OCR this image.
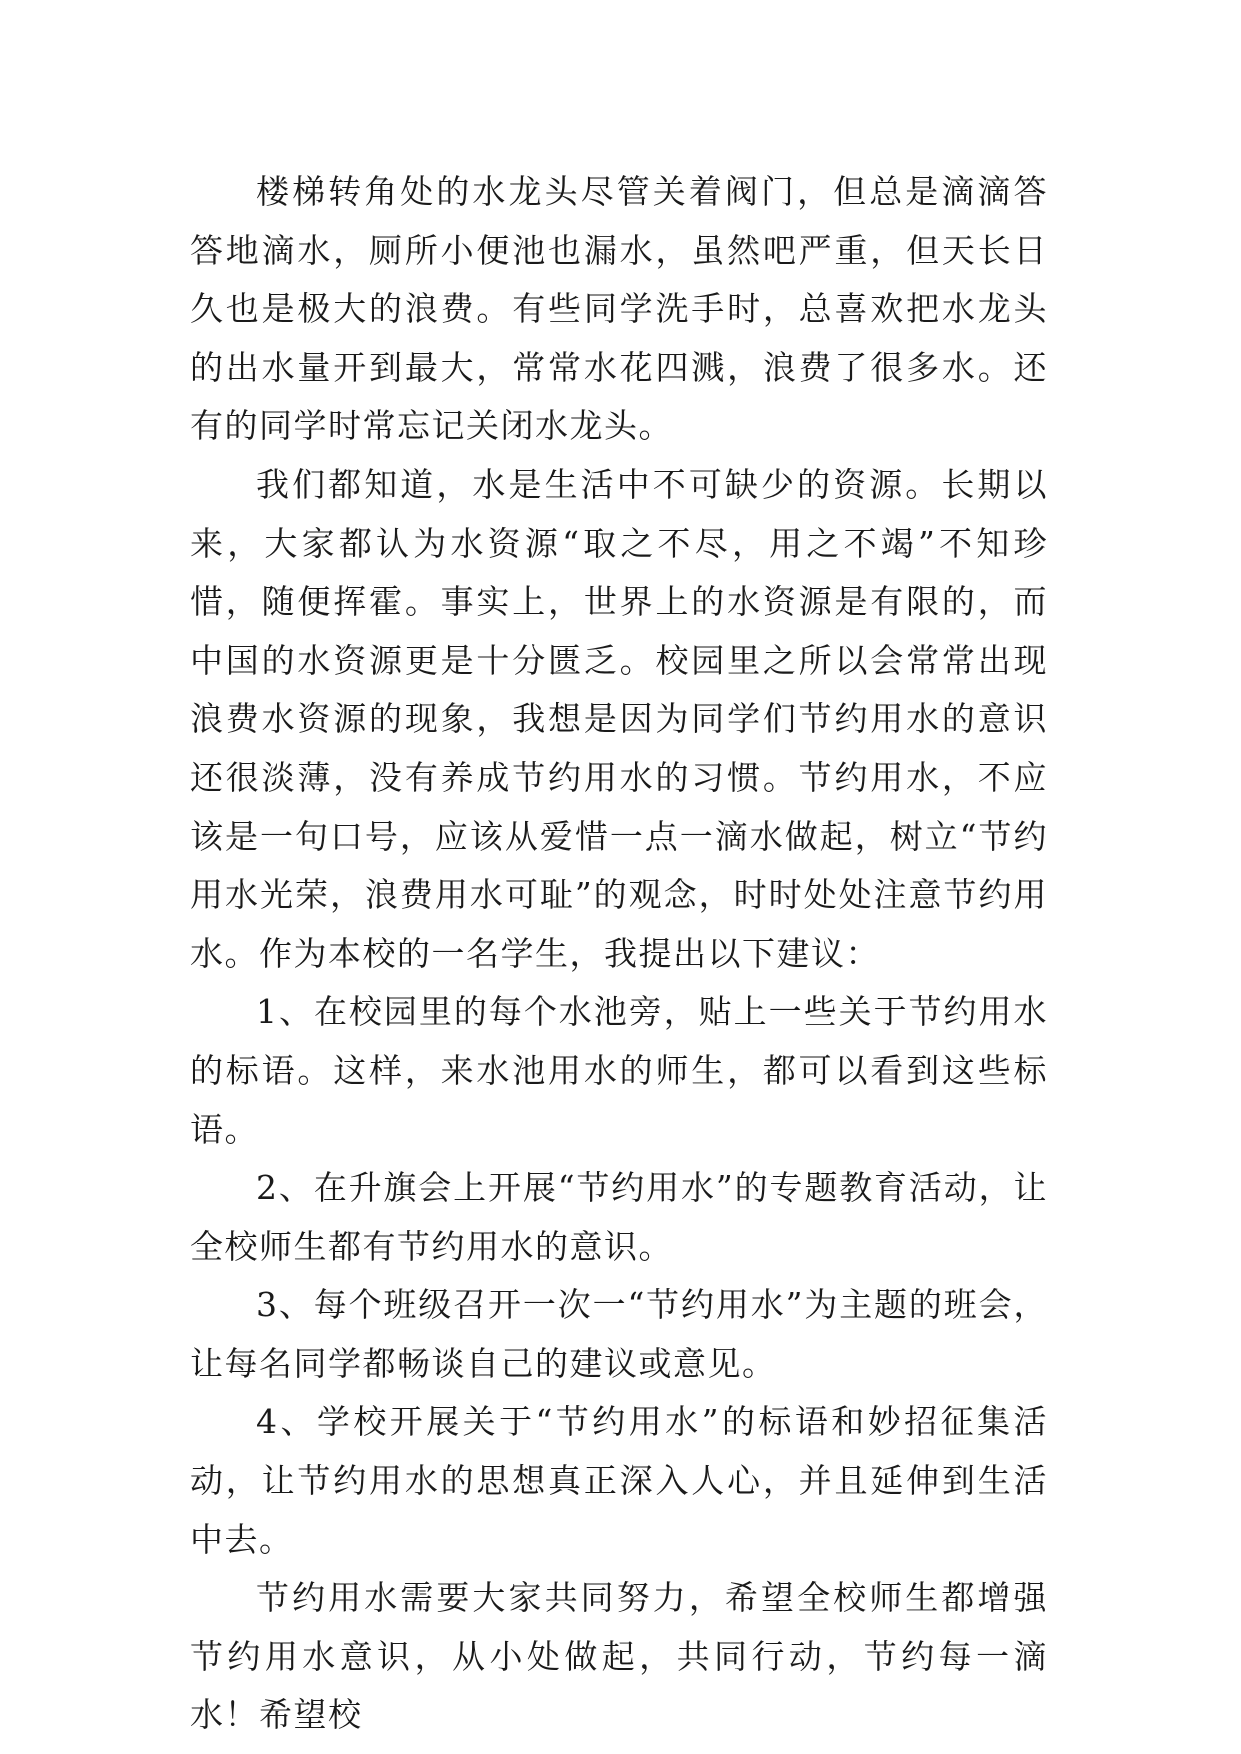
楼梯转角处的水龙头尽管关着阀门，但总是滴滴答答地滴水，厕所小便池也漏水，虽然吧严重，但天长日久也是极大的浪费。有些同学洗手时，总喜欢把水龙头的出水量开到最大，常常水花四溅，浪费了很多水。还有的同学时常忘记关闭水龙头。

我们都知道，水是生活中不可缺少的资源。长期以来，大家都认为水资源“取之不尽，用之不竭”不知珍惜，随便挥霍。事实上，世界上的水资源是有限的，而中国的水资源更是十分匮乏。校园里之所以会常常出现浪费水资源的现象，我想是因为同学们节约用水的意识还很淡薄，没有养成节约用水的习惯。节约用水，不应该是一句口号，应该从爱惜一点一滴水做起，树立“节约用水光荣，浪费用水可耻”的观念，时时处处注意节约用水。作为本校的一名学生，我提出以下建议：

1、在校园里的每个水池旁，贴上一些关于节约用水的标语。这样，来水池用水的师生，都可以看到这些标语。

2、在升旗会上开展“节约用水”的专题教育活动，让全校师生都有节约用水的意识。

3、每个班级召开一次一“节约用水”为主题的班会，让每名同学都畅谈自己的建议或意见。

4、学校开展关于“节约用水”的标语和妙招征集活动，让节约用水的思想真正深入人心，并且延伸到生活中去。

节约用水需要大家共同努力，希望全校师生都增强节约用水意识，从小处做起，共同行动，节约每一滴水！希望校
